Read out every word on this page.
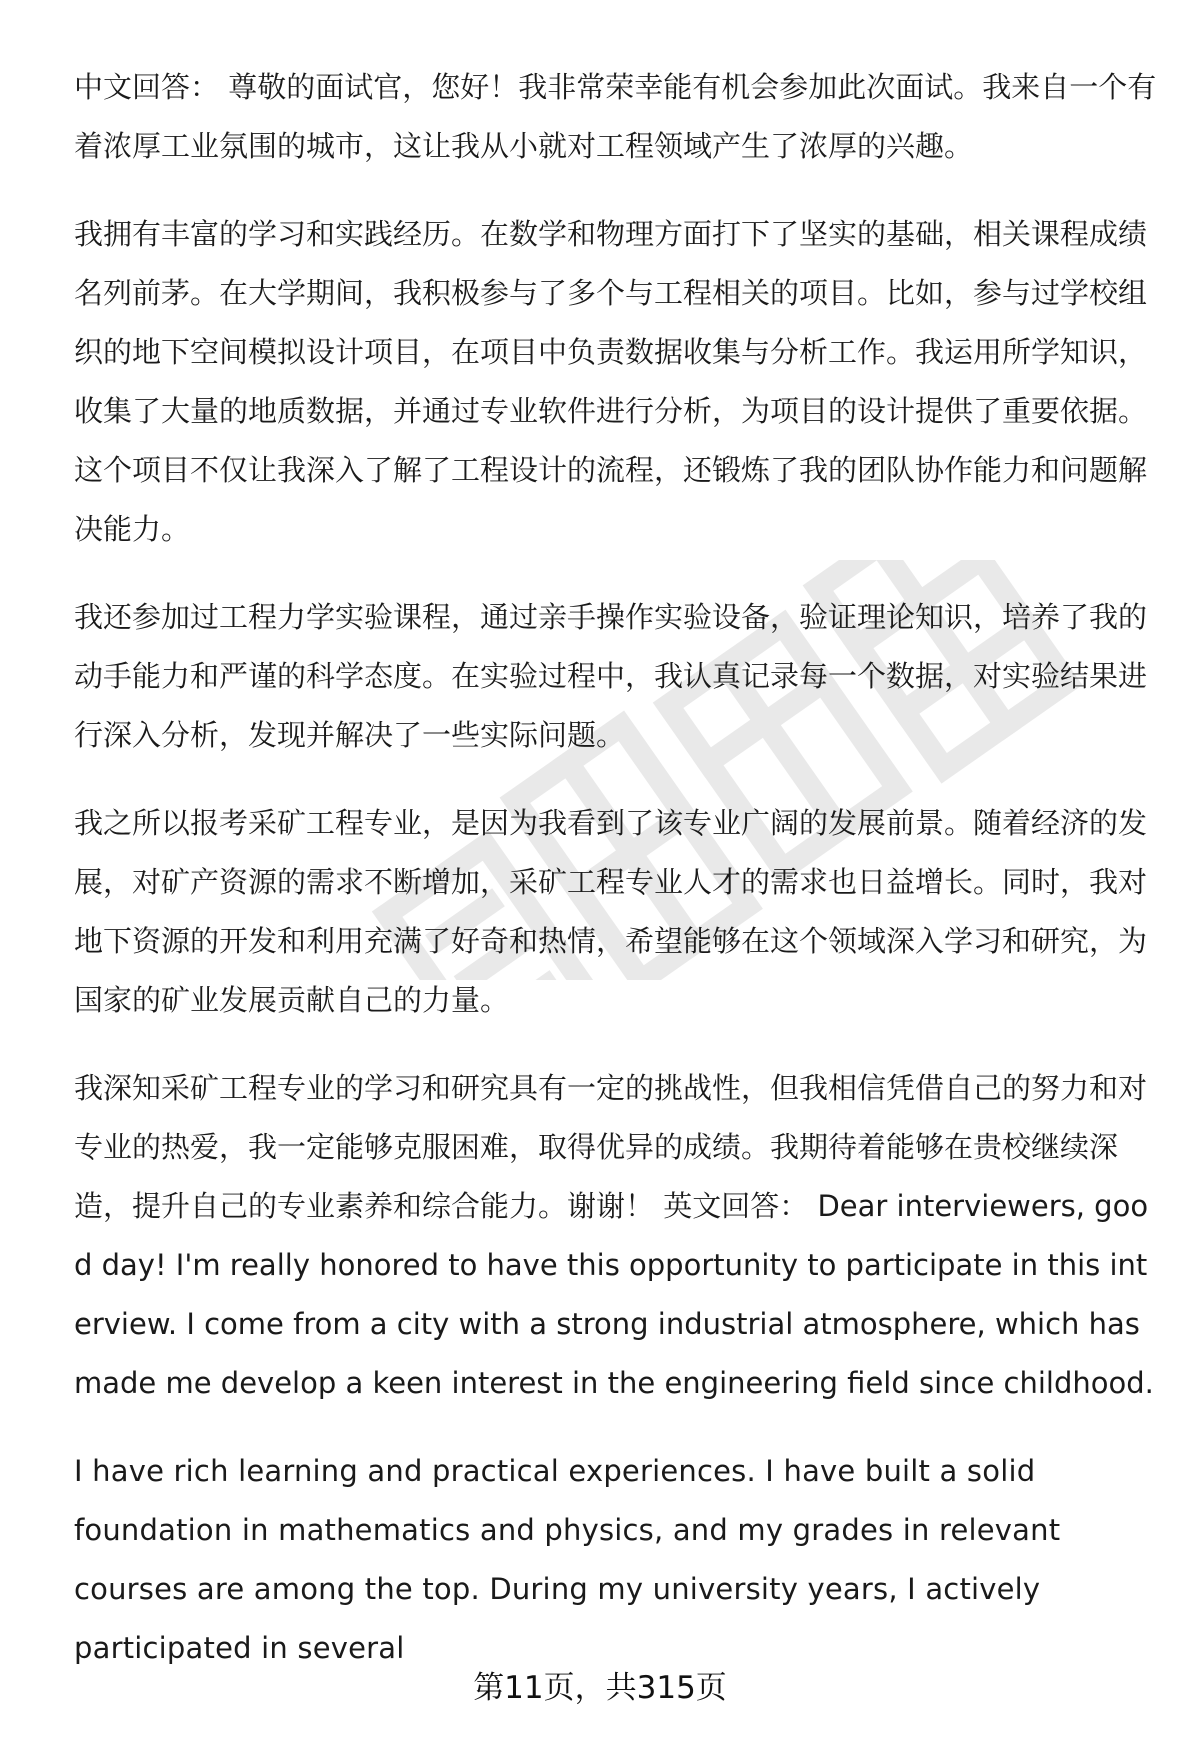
中文回答： 尊敬的面试官，您好！我非常荣幸能有机会参加此次面试。我来自一个有着浓厚工业氛围的城市，这让我从小就对工程领域产生了浓厚的兴趣。

我拥有丰富的学习和实践经历。在数学和物理方面打下了坚实的基础，相关课程成绩名列前茅。在大学期间，我积极参与了多个与工程相关的项目。比如，参与过学校组织的地下空间模拟设计项目，在项目中负责数据收集与分析工作。我运用所学知识，收集了大量的地质数据，并通过专业软件进行分析，为项目的设计提供了重要依据。这个项目不仅让我深入了解了工程设计的流程，还锻炼了我的团队协作能力和问题解决能力。

我还参加过工程力学实验课程，通过亲手操作实验设备，验证理论知识，培养了我的动手能力和严谨的科学态度。在实验过程中，我认真记录每一个数据，对实验结果进行深入分析，发现并解决了一些实际问题。

我之所以报考采矿工程专业，是因为我看到了该专业广阔的发展前景。随着经济的发展，对矿产资源的需求不断增加，采矿工程专业人才的需求也日益增长。同时，我对地下资源的开发和利用充满了好奇和热情，希望能够在这个领域深入学习和研究，为国家的矿业发展贡献自己的力量。

我深知采矿工程专业的学习和研究具有一定的挑战性，但我相信凭借自己的努力和对专业的热爱，我一定能够克服困难，取得优异的成绩。我期待着能够在贵校继续深造，提升自己的专业素养和综合能力。谢谢！ 英文回答： Dear interviewers, good day! I'm really honored to have this opportunity to participate in this interview. I come from a city with a strong industrial atmosphere, which has made me develop a keen interest in the engineering field since childhood.

I have rich learning and practical experiences. I have built a solid foundation in mathematics and physics, and my grades in relevant courses are among the top. During my university years, I actively participated in several

第11页，共315页
